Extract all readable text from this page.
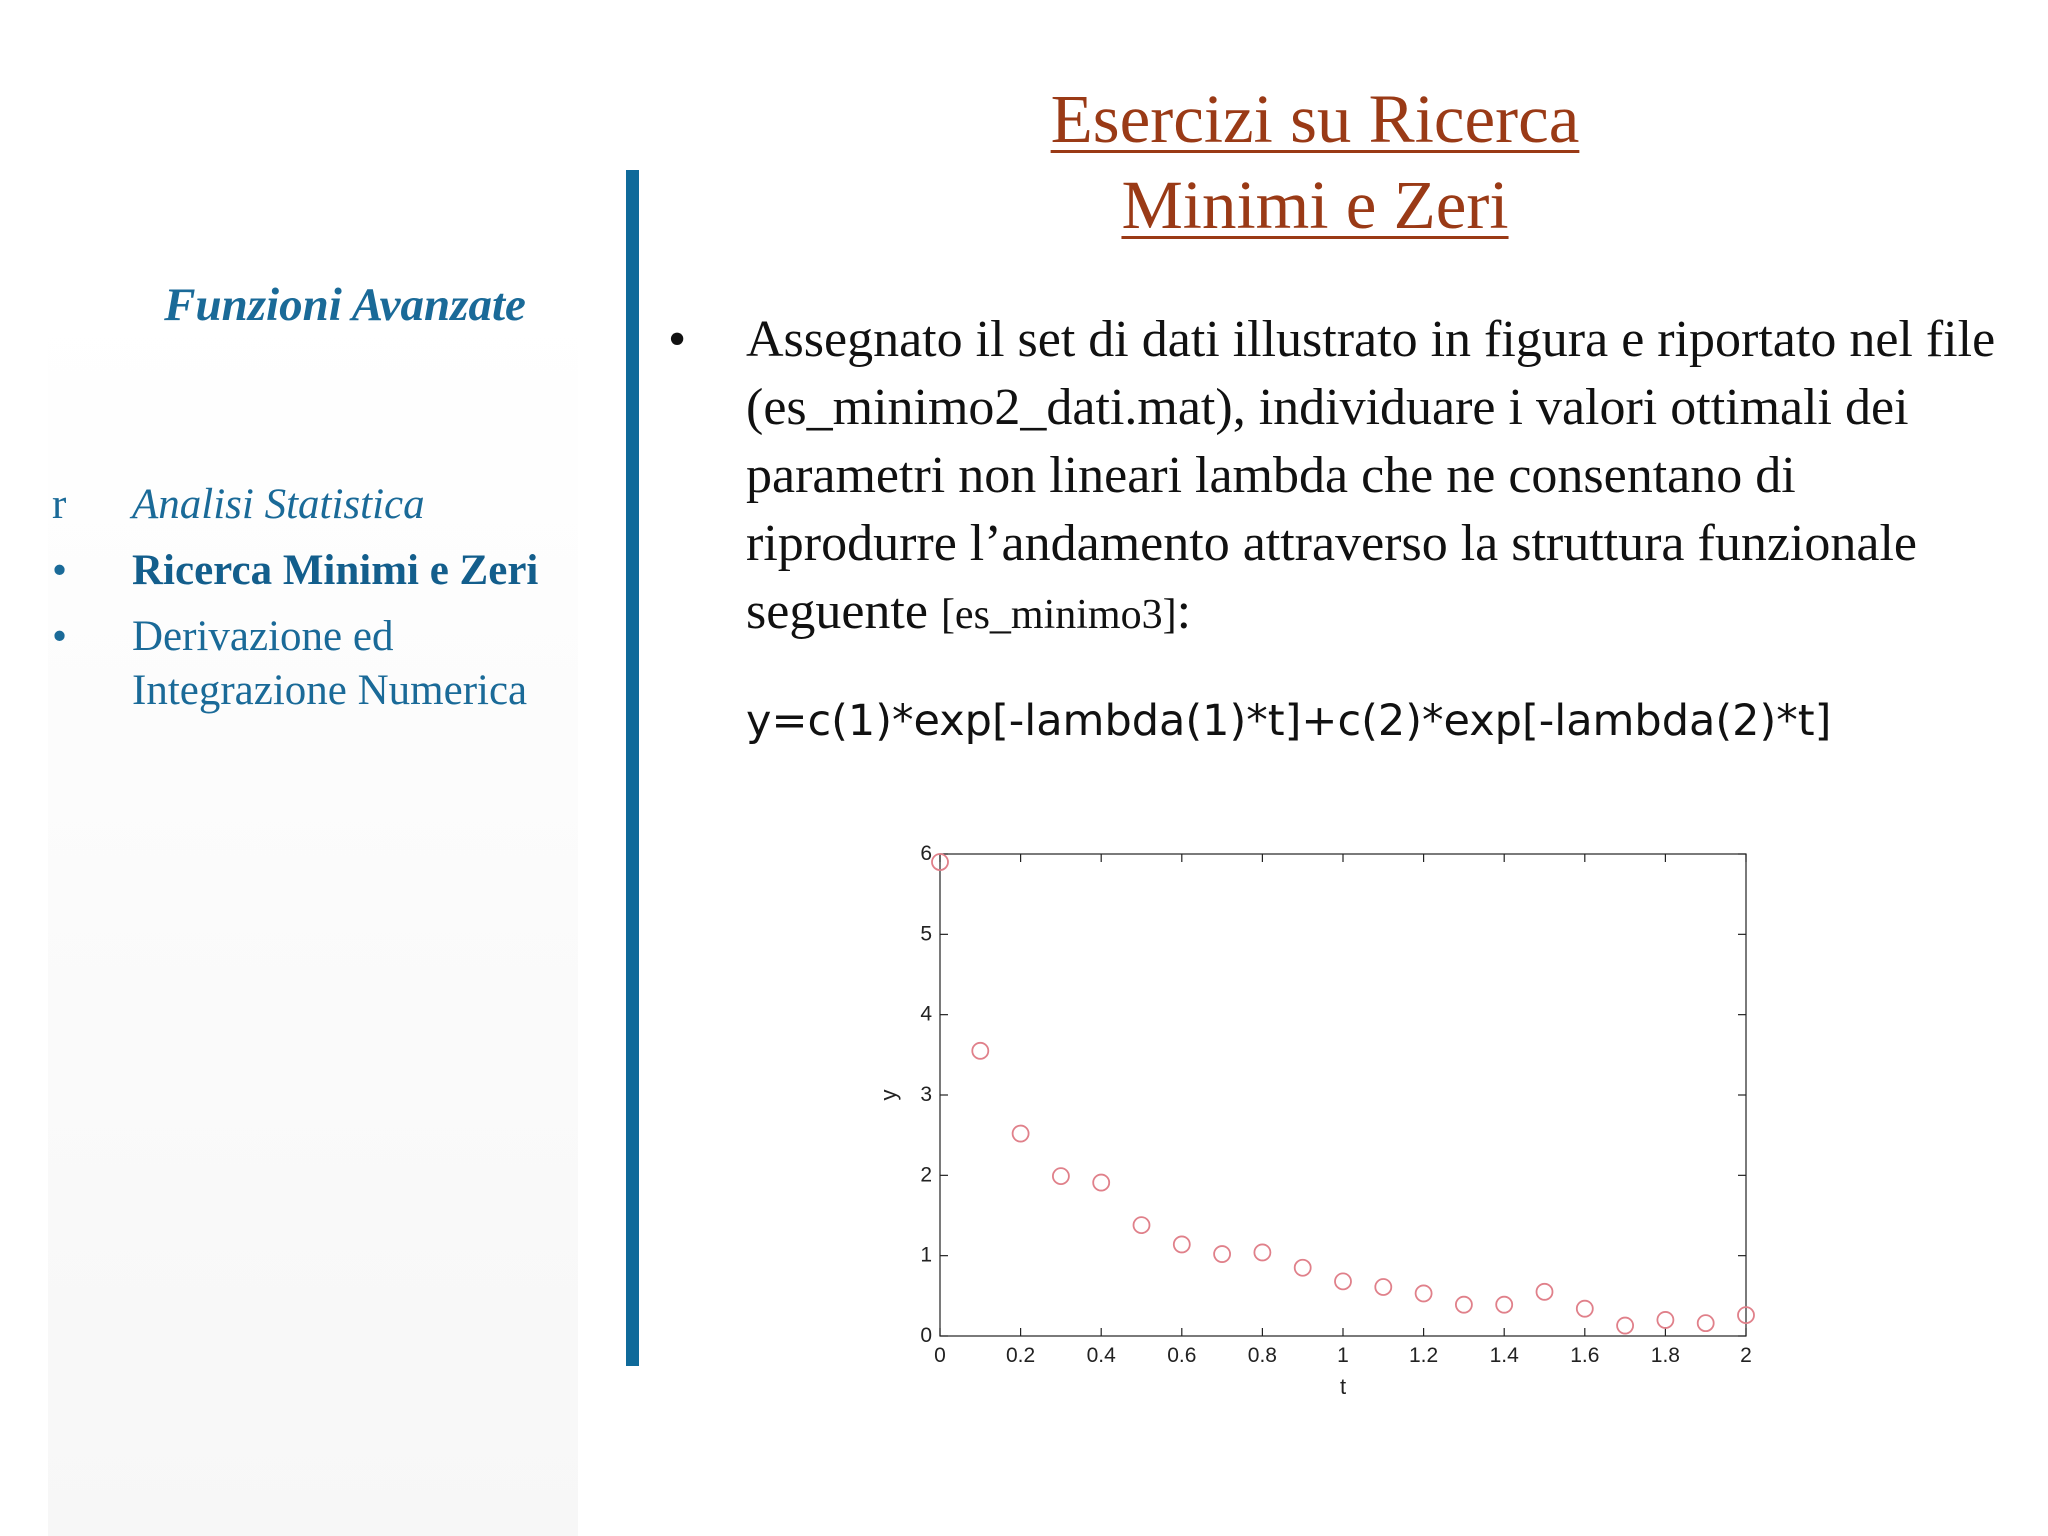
Esercizi su Ricerca
Minimi e Zeri
Funzioni Avanzate
r	Analisi Statistica
•	Ricerca Minimi e Zeri
•	Derivazione ed Integrazione Numerica
• Assegnato il set di dati illustrato in figura e riportato nel file (es_minimo2_dati.mat), individuare i valori ottimali dei parametri non lineari lambda che ne consentano di riprodurre l’andamento attraverso la struttura funzionale seguente [es_minimo3]:
y=c(1)*exp[-lambda(1)*t]+c(2)*exp[-lambda(2)*t]
0	0.2 0.4 0.6 0.8	1	1.2 1.4 1.6 1.8	2
0
1
2
3
4
5
6
t
y
